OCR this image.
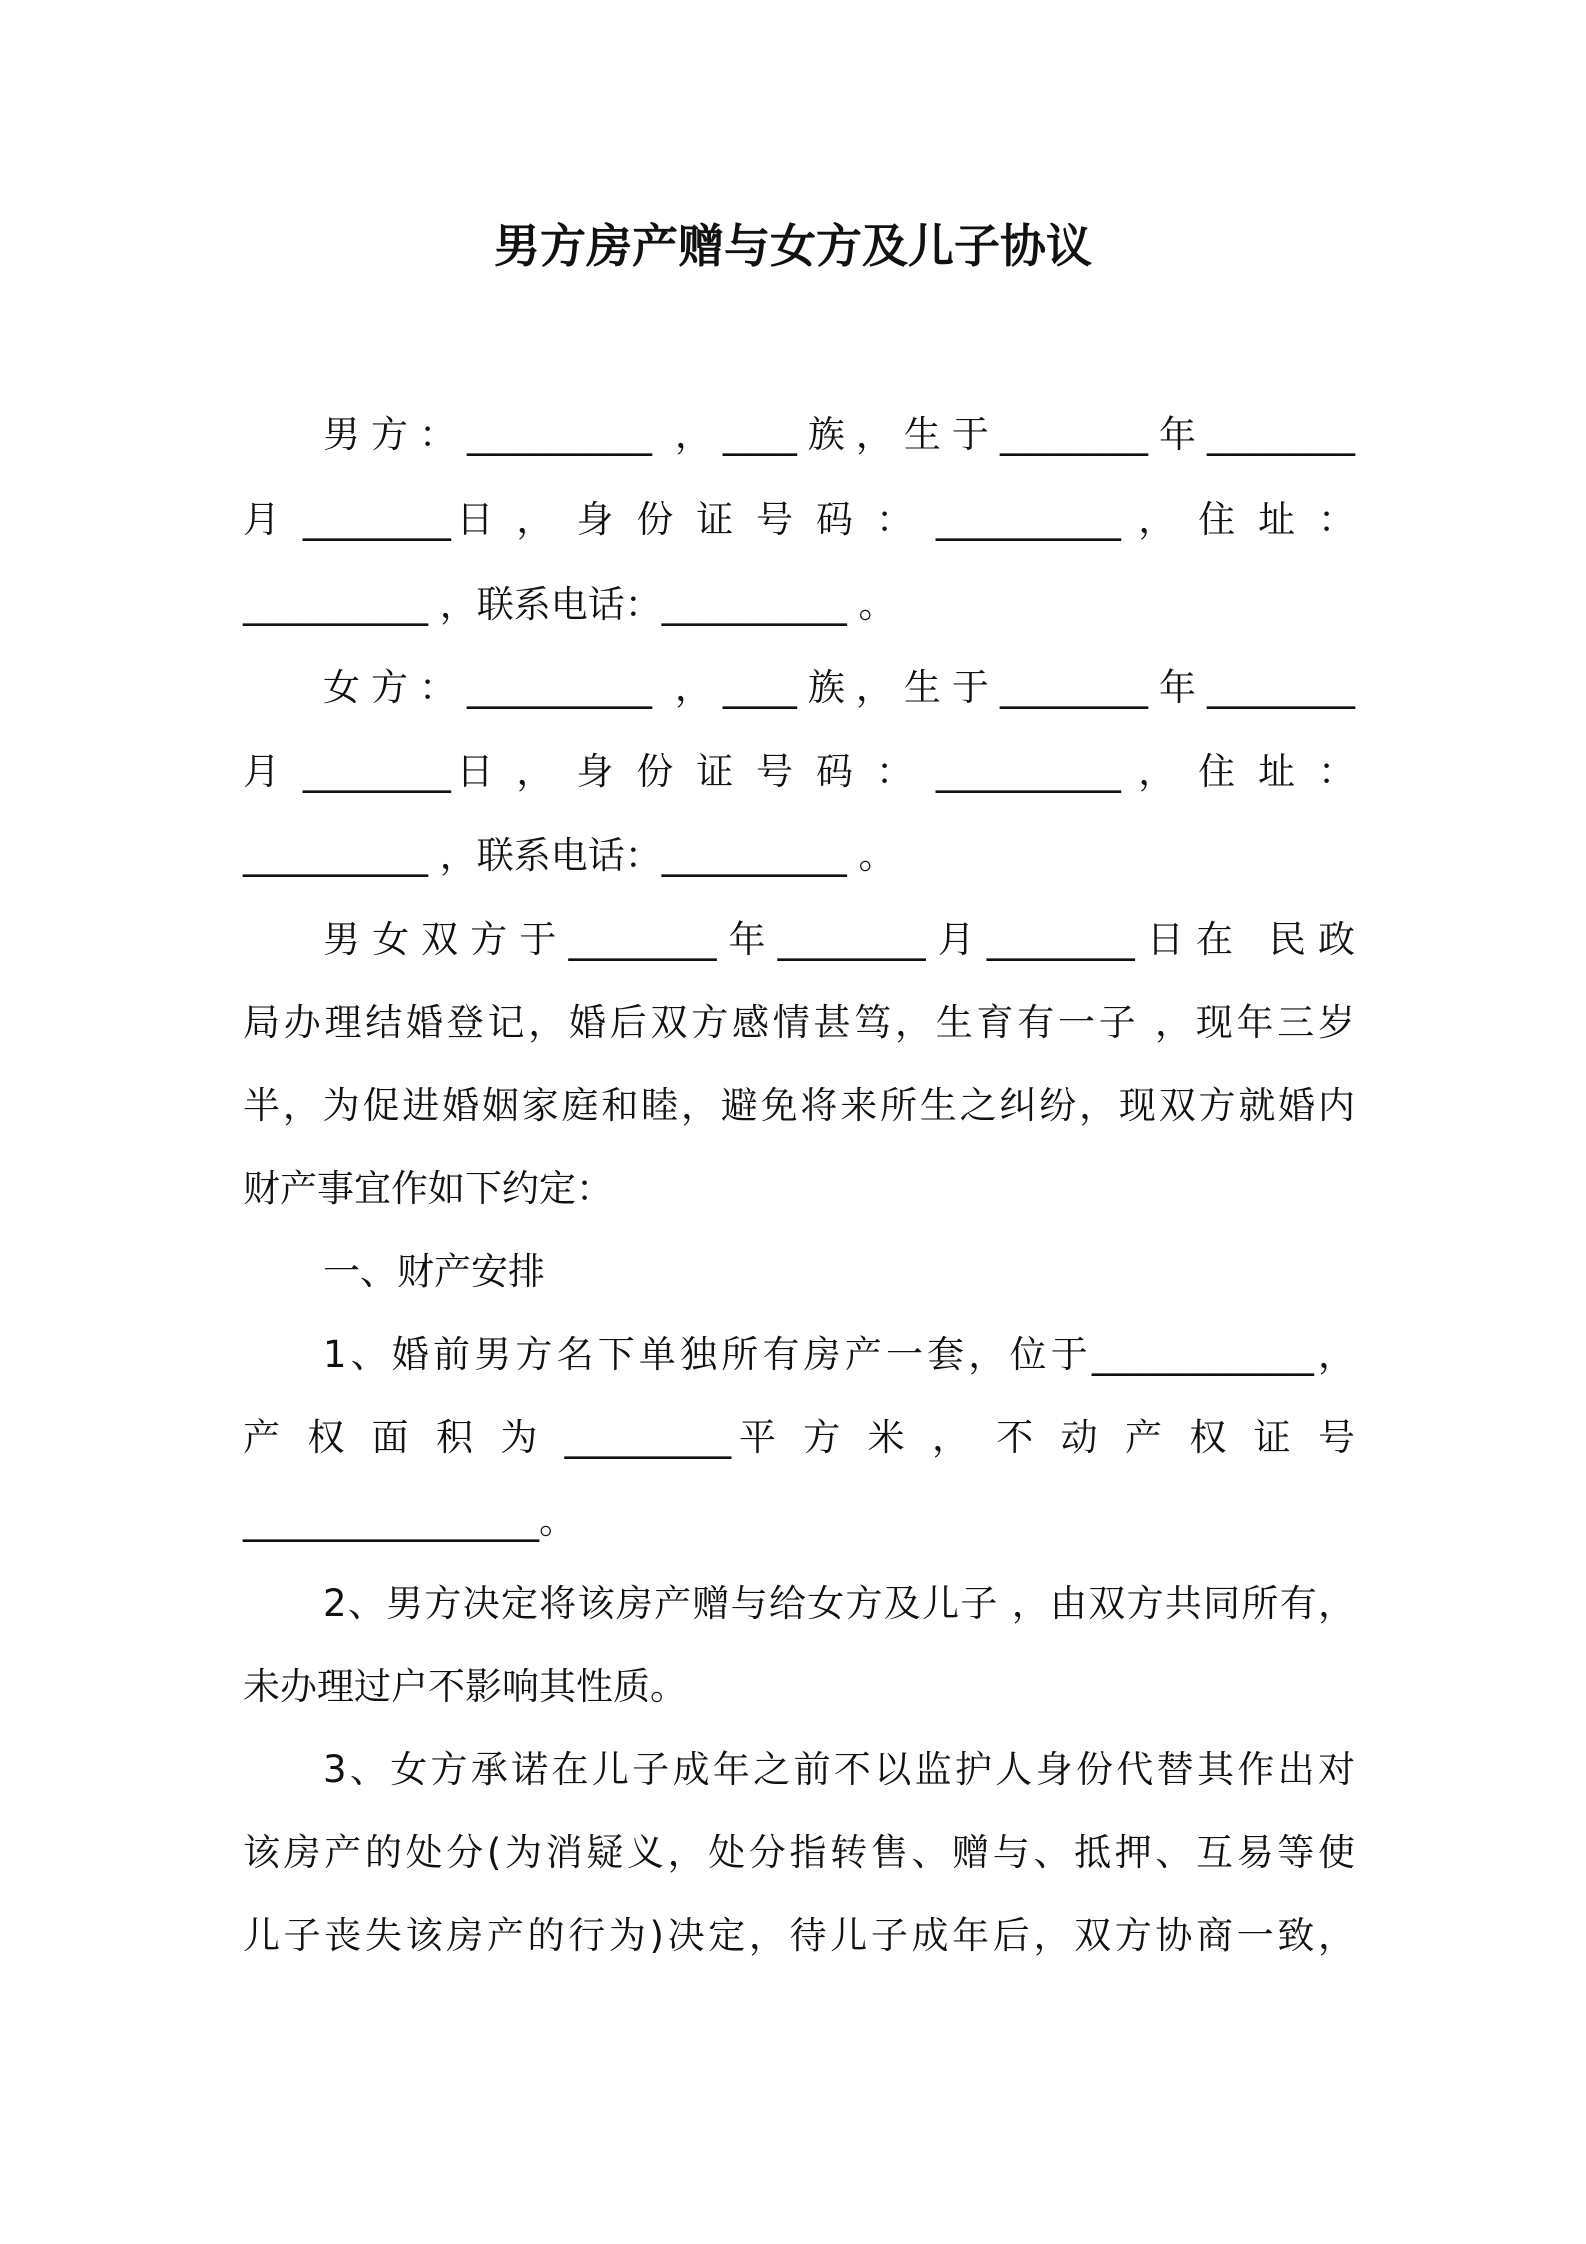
男方房产赠与女方及儿子协议

男方：__________ ，____族，生于________年________

月 ________日 ， 身 份 证 号 码 ： __________ ， 住 址 ：

__________ ，联系电话：__________ 。

女方：__________ ，____族，生于________年________

月 ________日 ， 身 份 证 号 码 ： __________ ， 住 址 ：

__________ ，联系电话：__________ 。

男女双方于________年________月________日在 民政

局办理结婚登记，婚后双方感情甚笃，生育有一子 ，现年三岁

半，为促进婚姻家庭和睦，避免将来所生之纠纷，现双方就婚内

财产事宜作如下约定：

一、财产安排

1、婚前男方名下单独所有房产一套，位于____________，

产 权 面 积 为 _________平 方 米 ， 不 动 产 权 证 号

________________。

2、男方决定将该房产赠与给女方及儿子 ，由双方共同所有，

未办理过户不影响其性质。

3、女方承诺在儿子成年之前不以监护人身份代替其作出对

该房产的处分(为消疑义，处分指转售、赠与、抵押、互易等使

儿子丧失该房产的行为)决定，待儿子成年后，双方协商一致，
